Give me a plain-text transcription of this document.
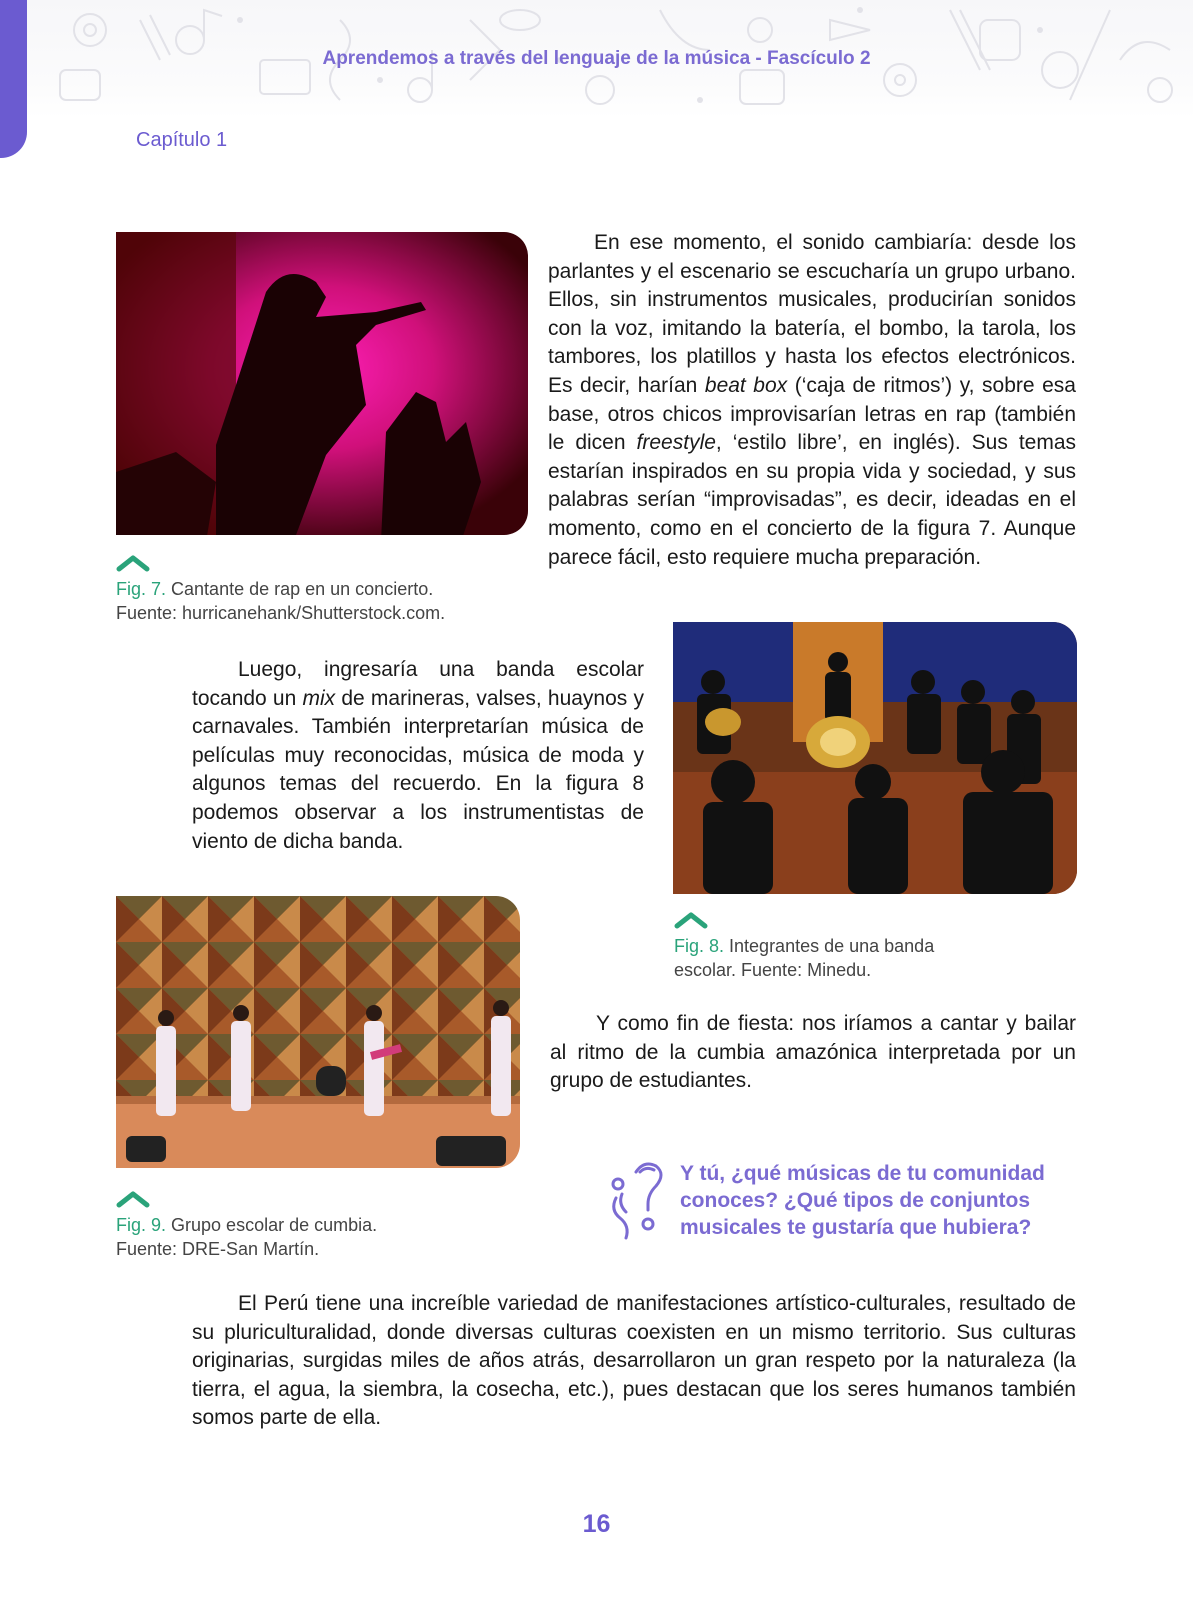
Aprendemos a través del lenguaje de la música - Fascículo 2
Capítulo 1
Fig. 7. Cantante de rap en un concierto.
Fuente: hurricanehank/Shutterstock.com.

En ese momento, el sonido cambiaría: desde los parlantes y el escenario se escucharía un grupo urbano. Ellos, sin instrumentos musicales, producirían sonidos con la voz, imitando la batería, el bombo, la tarola, los tambores, los platillos y hasta los efectos electrónicos. Es decir, harían beat box (‘caja de ritmos’) y, sobre esa base, otros chicos improvisarían letras en rap (también le dicen freestyle, ‘estilo libre’, en inglés). Sus temas estarían inspirados en su propia vida y sociedad, y sus palabras serían “improvisadas”, es decir, ideadas en el momento, como en el concierto de la figura 7. Aunque parece fácil, esto requiere mucha preparación.

Fig. 8. Integrantes de una banda
escolar. Fuente: Minedu.

Luego, ingresaría una banda escolar tocando un mix de marineras, valses, huaynos y carnavales. También interpretarían música de películas muy reconocidas, música de moda y algunos temas del recuerdo. En la figura 8 podemos observar a los instrumentistas de viento de dicha banda.

Fig. 9. Grupo escolar de cumbia.
Fuente: DRE-San Martín.

Y como fin de fiesta: nos iríamos a cantar y bailar al ritmo de la cumbia amazónica interpretada por un grupo de estudiantes.

Y tú, ¿qué músicas de tu comunidad conoces? ¿Qué tipos de conjuntos musicales te gustaría que hubiera?

El Perú tiene una increíble variedad de manifestaciones artístico-culturales, resultado de su pluriculturalidad, donde diversas culturas coexisten en un mismo territorio. Sus culturas originarias, surgidas miles de años atrás, desarrollaron un gran respeto por la naturaleza (la tierra, el agua, la siembra, la cosecha, etc.), pues destacan que los seres humanos también somos parte de ella.

16
